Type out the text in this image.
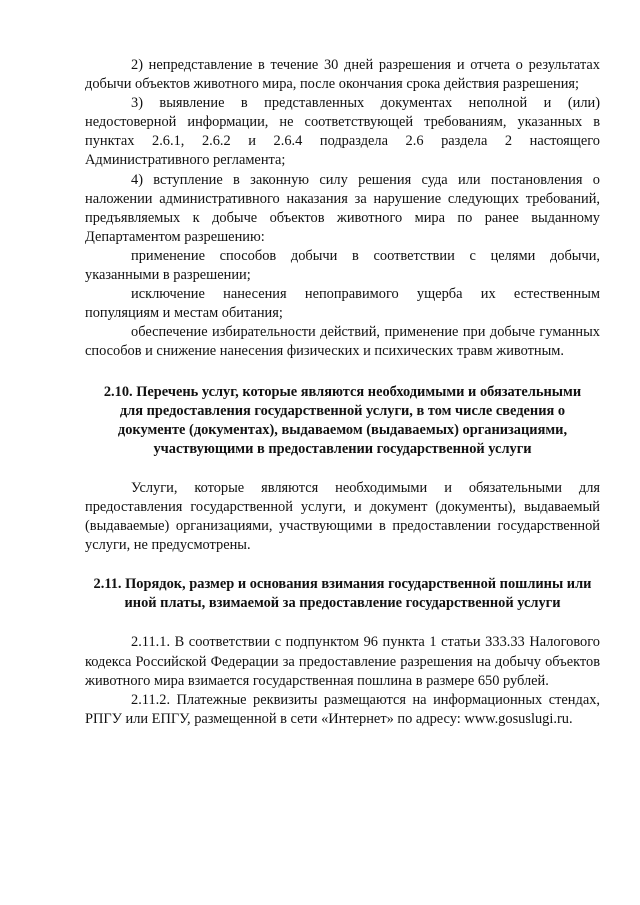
2) непредставление в течение 30 дней разрешения и отчета о результатах добычи объектов животного мира, после окончания срока действия разрешения;

3) выявление в представленных документах неполной и (или) недостоверной информации, не соответствующей требованиям, указанных в пунктах 2.6.1, 2.6.2 и 2.6.4 подраздела 2.6 раздела 2 настоящего Административного регламента;

4) вступление в законную силу решения суда или постановления о наложении административного наказания за нарушение следующих требований, предъявляемых к добыче объектов животного мира по ранее выданному Департаментом разрешению:

применение способов добычи в соответствии с целями добычи, указанными в разрешении;

исключение нанесения непоправимого ущерба их естественным популяциям и местам обитания;

обеспечение избирательности действий, применение при добыче гуманных способов и снижение нанесения физических и психических травм животным.

2.10. Перечень услуг, которые являются необходимыми и обязательными для предоставления государственной услуги, в том числе сведения о документе (документах), выдаваемом (выдаваемых) организациями, участвующими в предоставлении государственной услуги

Услуги, которые являются необходимыми и обязательными для предоставления государственной услуги, и документ (документы), выдаваемый (выдаваемые) организациями, участвующими в предоставлении государственной услуги, не предусмотрены.

2.11. Порядок, размер и основания взимания государственной пошлины или иной платы, взимаемой за предоставление государственной услуги

2.11.1. В соответствии с подпунктом 96 пункта 1 статьи 333.33 Налогового кодекса Российской Федерации за предоставление разрешения на добычу объектов животного мира взимается государственная пошлина в размере 650 рублей.

2.11.2. Платежные реквизиты размещаются на информационных стендах, РПГУ или ЕПГУ, размещенной в сети «Интернет» по адресу: www.gosuslugi.ru.
